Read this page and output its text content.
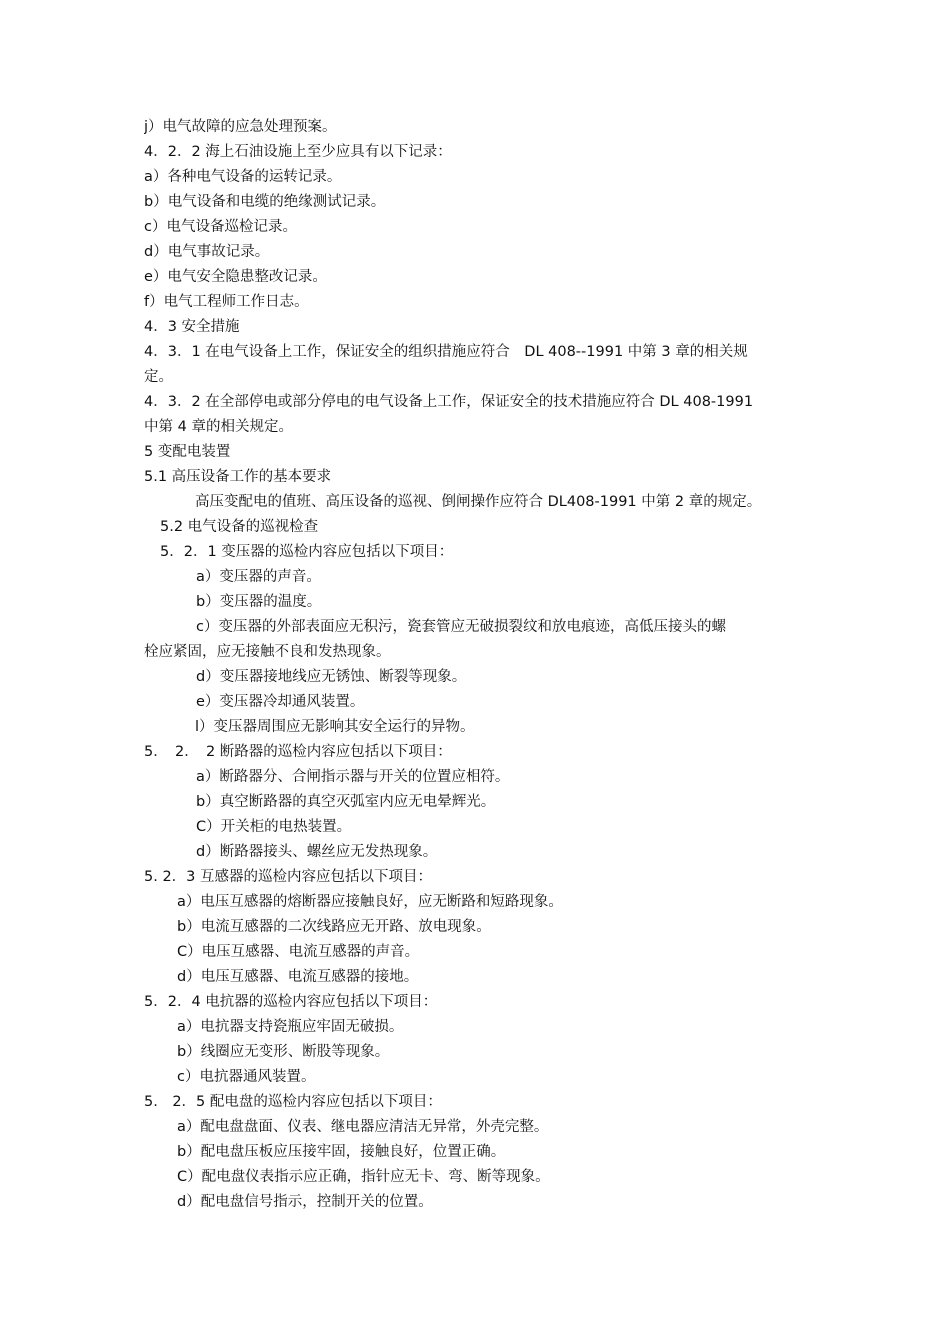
j）电气故障的应急处理预案。

4．2．2 海上石油设施上至少应具有以下记录：

a）各种电气设备的运转记录。

b）电气设备和电缆的绝缘测试记录。

c）电气设备巡检记录。

d）电气事故记录。

e）电气安全隐患整改记录。

f）电气工程师工作日志。

4．3 安全措施

4．3．1 在电气设备上工作，保证安全的组织措施应符合　DL 408--1991 中第 3 章的相关规

定。

4．3．2 在全部停电或部分停电的电气设备上工作，保证安全的技术措施应符合 DL 408-1991

中第 4 章的相关规定。

5 变配电装置

5.1 高压设备工作的基本要求

高压变配电的值班、高压设备的巡视、倒闸操作应符合 DL408-1991 中第 2 章的规定。

5.2 电气设备的巡视检查

5．2．1 变压器的巡检内容应包括以下项目：

a）变压器的声音。

b）变压器的温度。

c）变压器的外部表面应无积污，瓷套管应无破损裂纹和放电痕迹，高低压接头的螺

栓应紧固，应无接触不良和发热现象。

d）变压器接地线应无锈蚀、断裂等现象。

e）变压器冷却通风装置。

l）变压器周围应无影响其安全运行的异物。

5．　2．　2 断路器的巡检内容应包括以下项目：

a）断路器分、合闸指示器与开关的位置应相符。

b）真空断路器的真空灭弧室内应无电晕辉光。

C）开关柜的电热装置。

d）断路器接头、螺丝应无发热现象。

5. 2．3 互感器的巡检内容应包括以下项目：

a）电压互感器的熔断器应接触良好，应无断路和短路现象。

b）电流互感器的二次线路应无开路、放电现象。

C）电压互感器、电流互感器的声音。

d）电压互感器、电流互感器的接地。

5．2．4 电抗器的巡检内容应包括以下项目：

a）电抗器支持瓷瓶应牢固无破损。

b）线圈应无变形、断股等现象。

c）电抗器通风装置。

5.　2．5 配电盘的巡检内容应包括以下项目：

a）配电盘盘面、仪表、继电器应清洁无异常，外壳完整。

b）配电盘压板应压接牢固，接触良好，位置正确。

C）配电盘仪表指示应正确，指针应无卡、弯、断等现象。

d）配电盘信号指示，控制开关的位置。
